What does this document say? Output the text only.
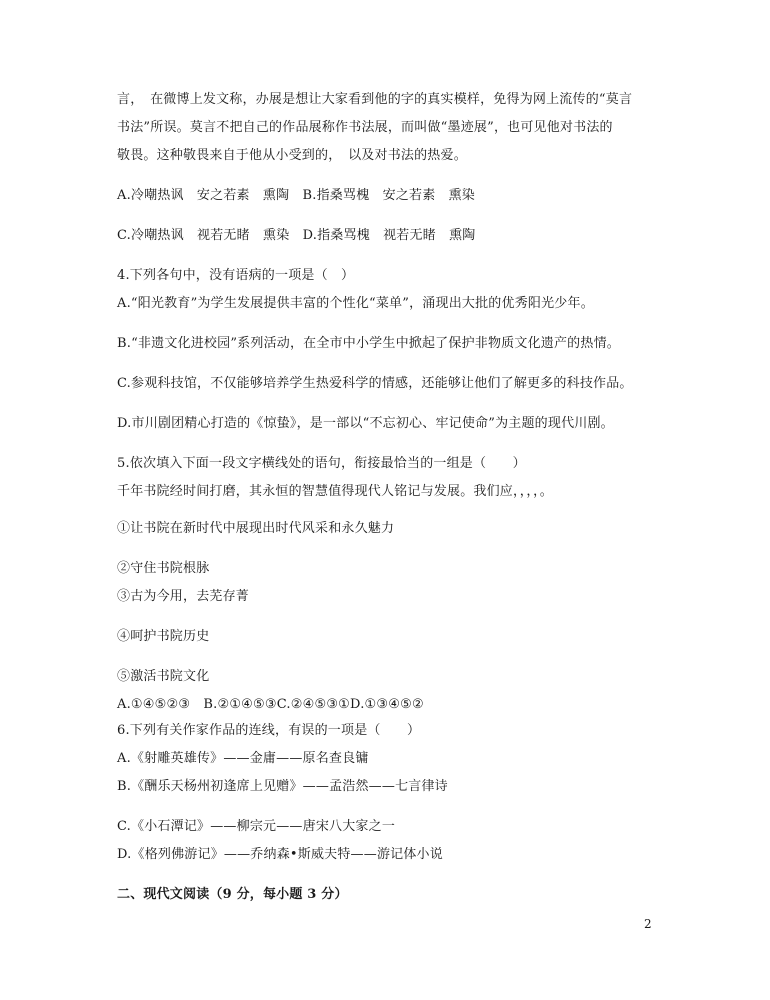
言，　在微博上发文称，办展是想让大家看到他的字的真实模样，免得为网上流传的“莫言
书法”所误。莫言不把自己的作品展称作书法展，而叫做“墨迹展”，也可见他对书法的
敬畏。这种敬畏来自于他从小受到的，　以及对书法的热爱。
A.冷嘲热讽　安之若素　熏陶　B.指桑骂槐　安之若素　熏染
C.冷嘲热讽　视若无睹　熏染　D.指桑骂槐　视若无睹　熏陶
4.下列各句中，没有语病的一项是（　）
A.“阳光教育”为学生发展提供丰富的个性化“菜单”，涌现出大批的优秀阳光少年。
B.“非遗文化进校园”系列活动，在全市中小学生中掀起了保护非物质文化遗产的热情。
C.参观科技馆，不仅能够培养学生热爱科学的情感，还能够让他们了解更多的科技作品。
D.市川剧团精心打造的《惊蛰》，是一部以“不忘初心、牢记使命”为主题的现代川剧。
5.依次填入下面一段文字横线处的语句，衔接最恰当的一组是（　　）
千年书院经时间打磨，其永恒的智慧值得现代人铭记与发展。我们应，，，，。
①让书院在新时代中展现出时代风采和永久魅力
②守住书院根脉
③古为今用，去芜存菁
④呵护书院历史
⑤激活书院文化
A.①④⑤②③　B.②①④⑤③C.②④⑤③①D.①③④⑤②
6.下列有关作家作品的连线，有误的一项是（　　）
A.《射雕英雄传》——金庸——原名查良镛
B.《酬乐天杨州初逢席上见赠》——孟浩然——七言律诗
C.《小石潭记》——柳宗元——唐宋八大家之一
D.《格列佛游记》——乔纳森•斯威夫特——游记体小说
二、现代文阅读（9 分，每小题 3 分）
2
